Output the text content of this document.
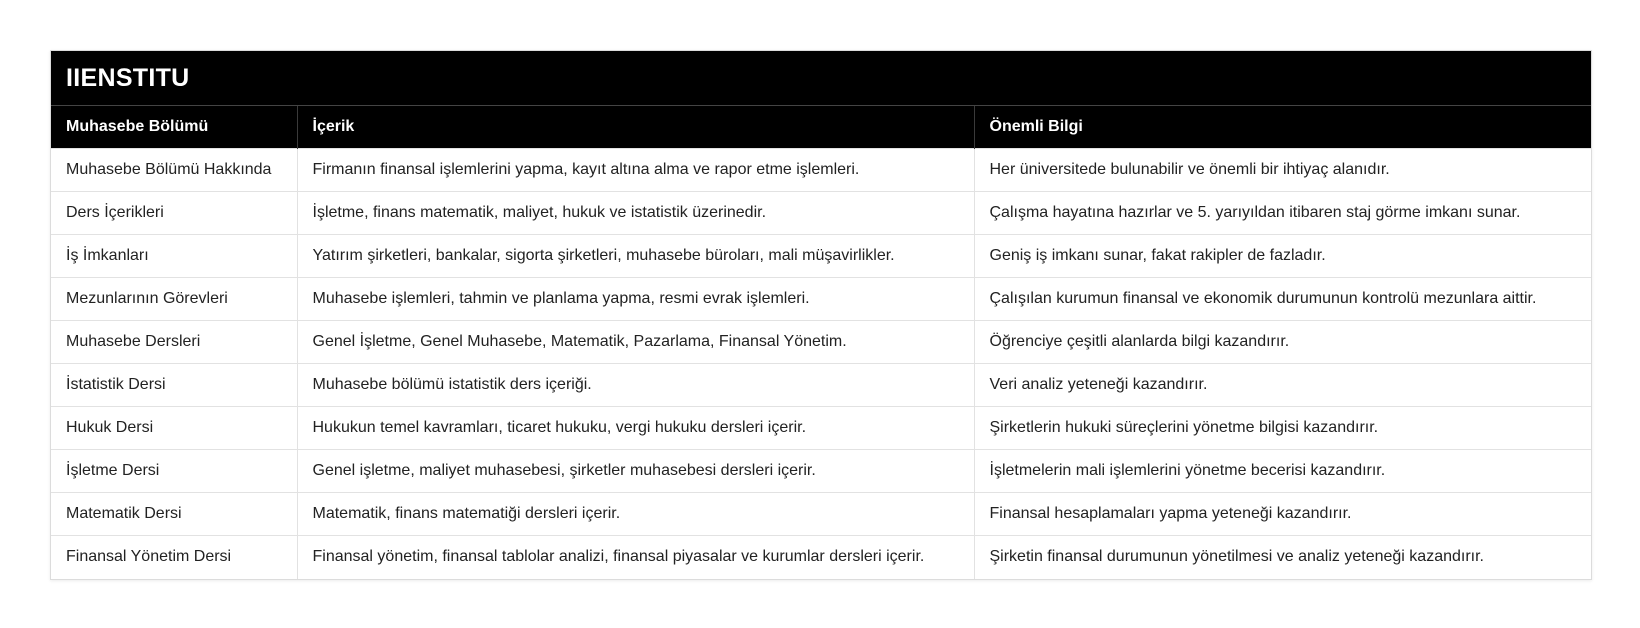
IIENSTITU
Muhasebe Bölümü	İçerik	Önemli Bilgi
Muhasebe Bölümü Hakkında	Firmanın finansal işlemlerini yapma, kayıt altına alma ve rapor etme işlemleri.	Her üniversitede bulunabilir ve önemli bir ihtiyaç alanıdır.
Ders İçerikleri	İşletme, finans matematik, maliyet, hukuk ve istatistik üzerinedir.	Çalışma hayatına hazırlar ve 5. yarıyıldan itibaren staj görme imkanı sunar.
İş İmkanları	Yatırım şirketleri, bankalar, sigorta şirketleri, muhasebe büroları, mali müşavirlikler.	Geniş iş imkanı sunar, fakat rakipler de fazladır.
Mezunlarının Görevleri	Muhasebe işlemleri, tahmin ve planlama yapma, resmi evrak işlemleri.	Çalışılan kurumun finansal ve ekonomik durumunun kontrolü mezunlara aittir.
Muhasebe Dersleri	Genel İşletme, Genel Muhasebe, Matematik, Pazarlama, Finansal Yönetim.	Öğrenciye çeşitli alanlarda bilgi kazandırır.
İstatistik Dersi	Muhasebe bölümü istatistik ders içeriği.	Veri analiz yeteneği kazandırır.
Hukuk Dersi	Hukukun temel kavramları, ticaret hukuku, vergi hukuku dersleri içerir.	Şirketlerin hukuki süreçlerini yönetme bilgisi kazandırır.
İşletme Dersi	Genel işletme, maliyet muhasebesi, şirketler muhasebesi dersleri içerir.	İşletmelerin mali işlemlerini yönetme becerisi kazandırır.
Matematik Dersi	Matematik, finans matematiği dersleri içerir.	Finansal hesaplamaları yapma yeteneği kazandırır.
Finansal Yönetim Dersi	Finansal yönetim, finansal tablolar analizi, finansal piyasalar ve kurumlar dersleri içerir.	Şirketin finansal durumunun yönetilmesi ve analiz yeteneği kazandırır.
